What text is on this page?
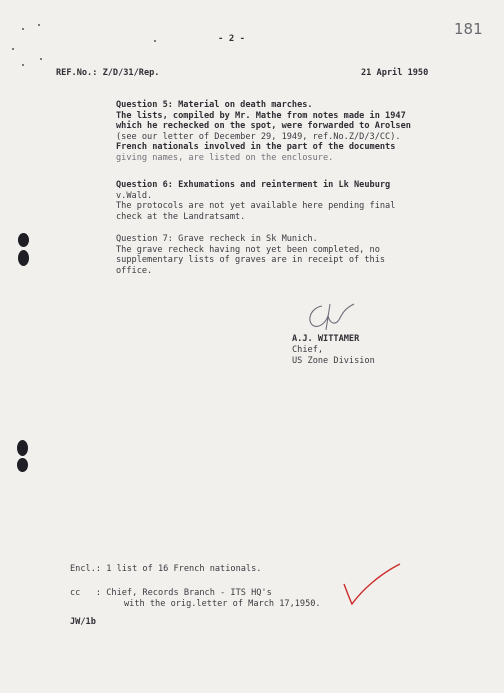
181
- 2 -
REF.No.: Z/D/31/Rep.	21 April 1950
Question 5: Material on death marches.
The lists, compiled by Mr. Mathe from notes made in 1947
which he rechecked on the spot, were forwarded to Arolsen
(see our letter of December 29, 1949, ref.No.Z/D/3/CC).
French nationals involved in the part of the documents
giving names, are listed on the enclosure.
Question 6: Exhumations and reinterment in Lk Neuburg
v.Wald.
The protocols are not yet available here pending final
check at the Landratsamt.
Question 7: Grave recheck in Sk Munich.
The grave recheck having not yet been completed, no
supplementary lists of graves are in receipt of this
office.
A.J. WITTAMER
Chief,
US Zone Division
Encl.: 1 list of 16 French nationals.
cc   : Chief, Records Branch - ITS HQ's
with the orig.letter of March 17,1950.
JW/1b
